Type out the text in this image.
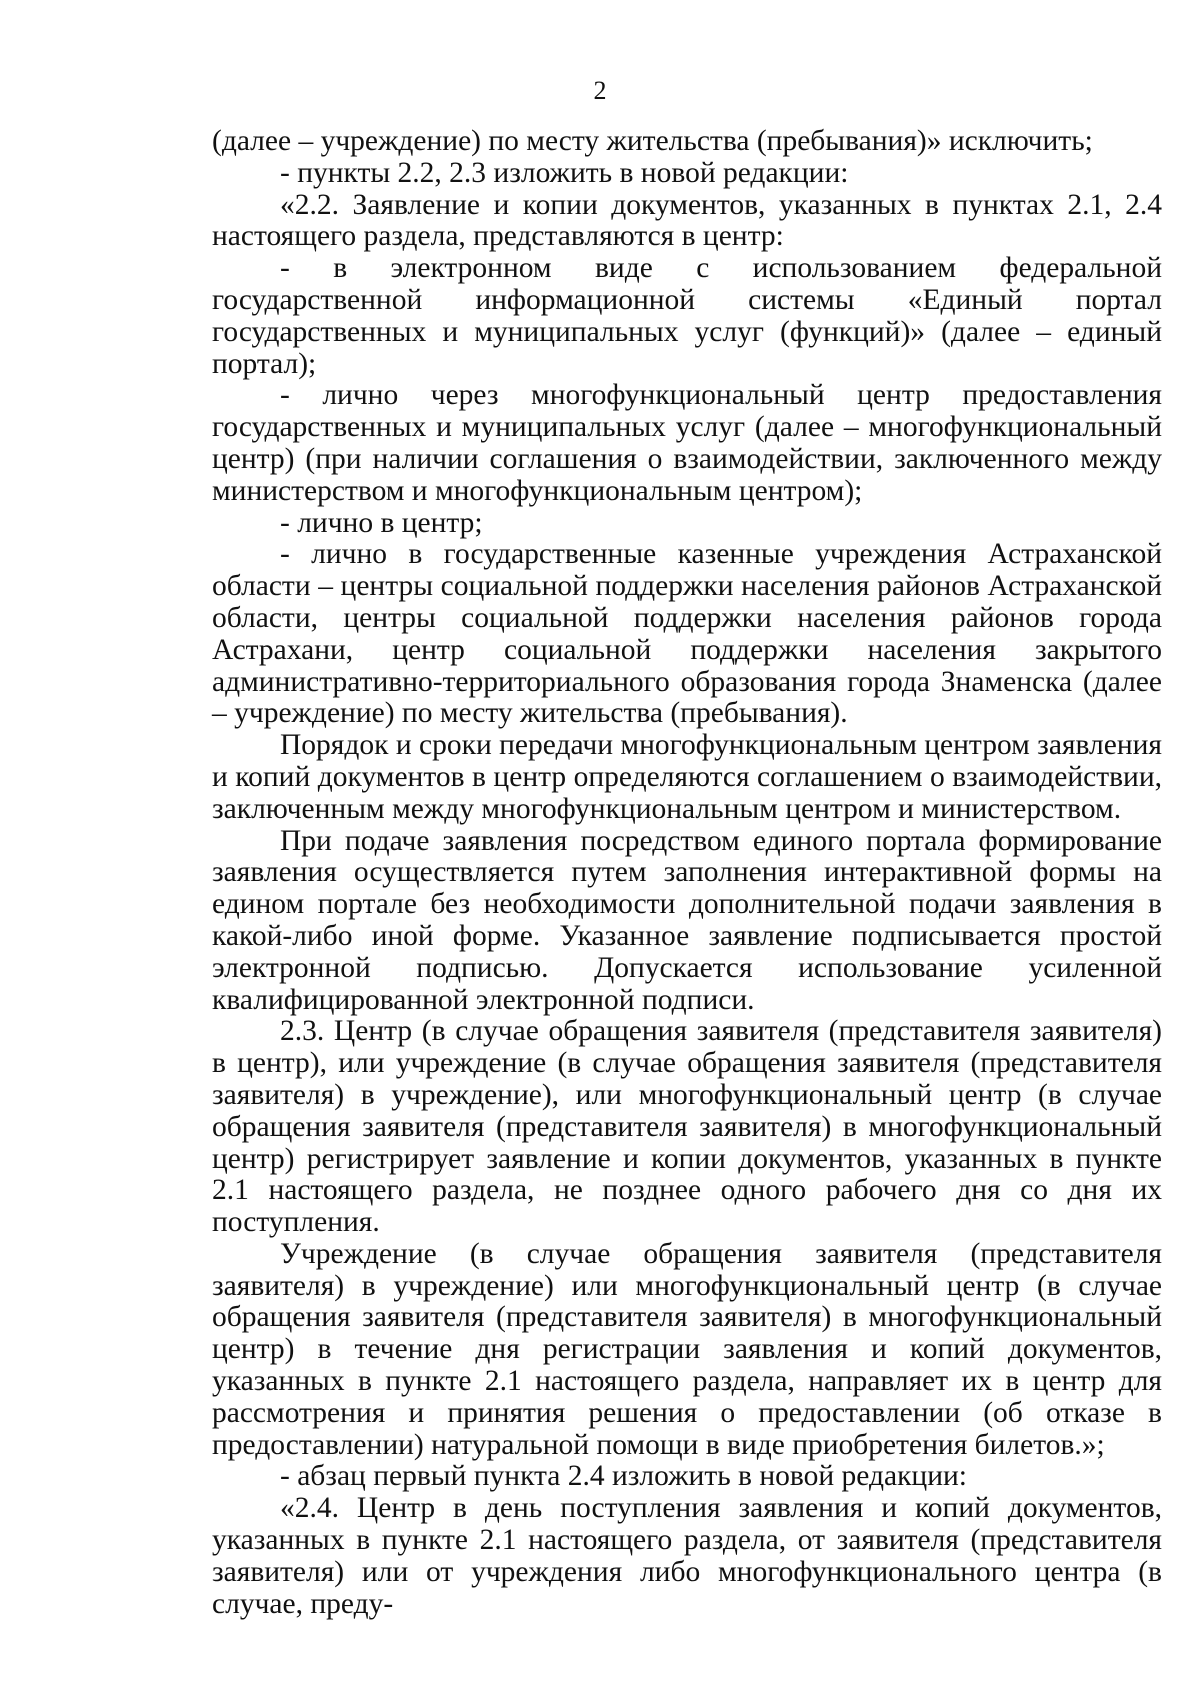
2

(далее – учреждение) по месту жительства (пребывания)» исключить;

- пункты 2.2, 2.3 изложить в новой редакции:

«2.2. Заявление и копии документов, указанных в пунктах 2.1, 2.4 настоящего раздела, представляются в центр:

- в электронном виде с использованием федеральной государственной информационной системы «Единый портал государственных и муниципальных услуг (функций)» (далее – единый портал);

- лично через многофункциональный центр предоставления государственных и муниципальных услуг (далее – многофункциональный центр) (при наличии соглашения о взаимодействии, заключенного между министерством и многофункциональным центром);

- лично в центр;

- лично в государственные казенные учреждения Астраханской области – центры социальной поддержки населения районов Астраханской области, центры социальной поддержки населения районов города Астрахани, центр социальной поддержки населения закрытого административно-территориального образования города Знаменска (далее – учреждение) по месту жительства (пребывания).

Порядок и сроки передачи многофункциональным центром заявления и копий документов в центр определяются соглашением о взаимодействии, заключенным между многофункциональным центром и министерством.

При подаче заявления посредством единого портала формирование заявления осуществляется путем заполнения интерактивной формы на едином портале без необходимости дополнительной подачи заявления в какой-либо иной форме. Указанное заявление подписывается простой электронной подписью. Допускается использование усиленной квалифицированной электронной подписи.

2.3. Центр (в случае обращения заявителя (представителя заявителя) в центр), или учреждение (в случае обращения заявителя (представителя заявителя) в учреждение), или многофункциональный центр (в случае обращения заявителя (представителя заявителя) в многофункциональный центр) регистрирует заявление и копии документов, указанных в пункте 2.1 настоящего раздела, не позднее одного рабочего дня со дня их поступления.

Учреждение (в случае обращения заявителя (представителя заявителя) в учреждение) или многофункциональный центр (в случае обращения заявителя (представителя заявителя) в многофункциональный центр) в течение дня регистрации заявления и копий документов, указанных в пункте 2.1 настоящего раздела, направляет их в центр для рассмотрения и принятия решения о предоставлении (об отказе в предоставлении) натуральной помощи в виде приобретения билетов.»;

- абзац первый пункта 2.4 изложить в новой редакции:

«2.4. Центр в день поступления заявления и копий документов, указанных в пункте 2.1 настоящего раздела, от заявителя (представителя заявителя) или от учреждения либо многофункционального центра (в случае, преду-
